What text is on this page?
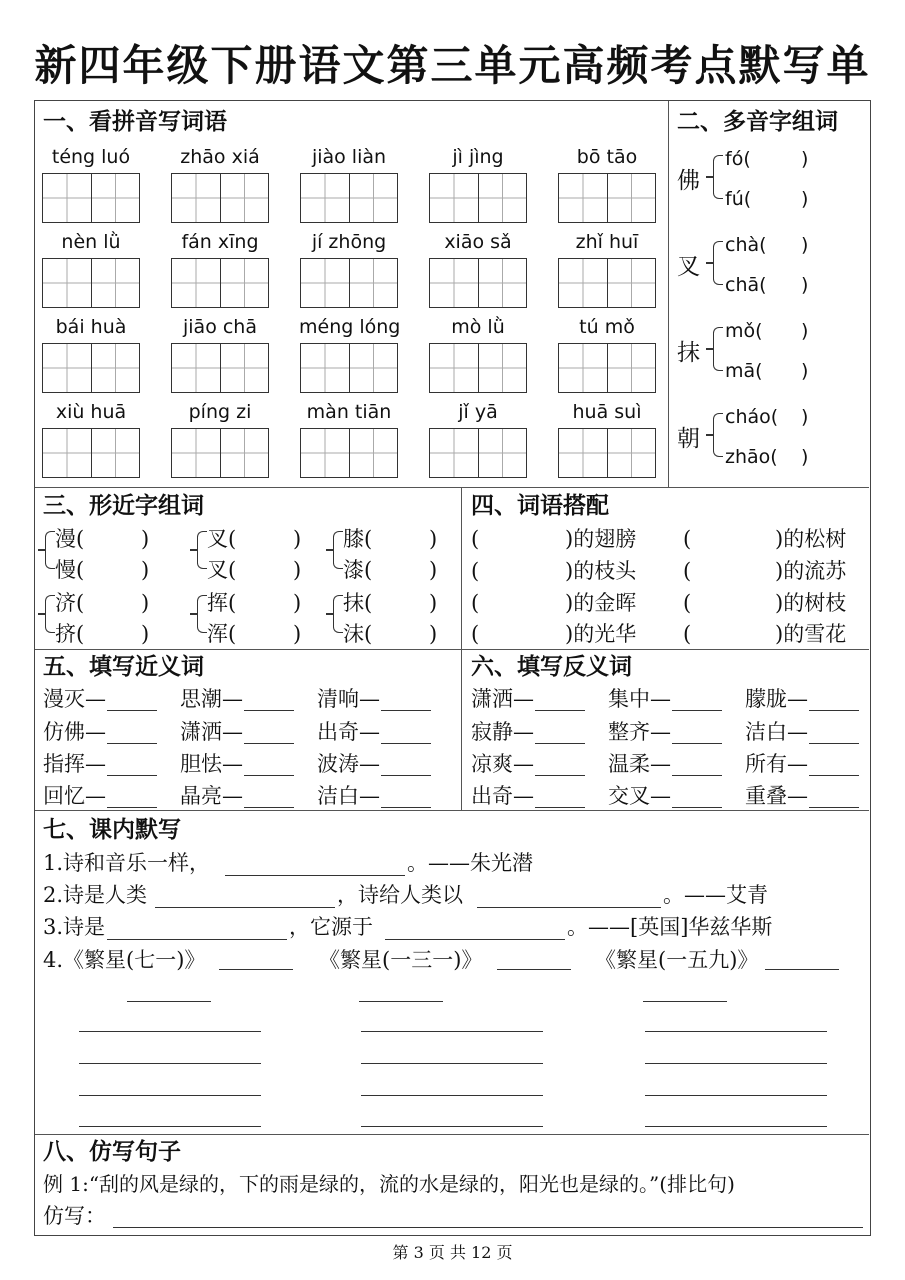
新四年级下册语文第三单元高频考点默写单
一、看拼音写词语
téng luó	zhāo xiá	jiào liàn	jì jìng	bō tāo
nèn lǜ	fán xīng	jí zhōng	xiāo sǎ	zhǐ huī
bái huà	jiāo chā	méng lóng	mò lǜ	tú mǒ
xiù huā	píng zi	màn tiān	jǐ yā	huā suì
二、多音字组词
佛
fó(	)
fú(	)
叉
chà( )
chā( )
抹
mǒ( )
mā( )
朝
cháo( )
zhāo( )
三、形近字组词
漫(	)
慢(	)
叉(	)
叉(	)
膝(	)
漆(	)
济(	)
挤(	)
挥(	)
浑(	)
抹(	)
沫(	)
四、词语搭配
(	)的翅膀 (	)的松树
(	)的枝头 (	)的流苏
(	)的金晖 (	)的树枝
(	)的光华 (	)的雪花
五、填写近义词
漫灭—	思潮—	清响—
仿佛—	潇洒—	出奇—
指挥—	胆怯—	波涛—
回忆—	晶亮—	洁白—
六、填写反义词
潇洒—	集中—	朦胧—
寂静—	整齐—	洁白—
凉爽—	温柔—	所有—
出奇—	交叉—	重叠—
七、课内默写
1.诗和音乐一样，	。——朱光潜
2.诗是人类	，诗给人类以	。——艾青
3.诗是	，它源于	。——[英国]华兹华斯
4.《繁星(七一)》	《繁星(一三一)》	《繁星(一五九)》
八、仿写句子
例 1:“刮的风是绿的，下的雨是绿的，流的水是绿的，阳光也是绿的。”(排比句)
仿写：
第 3 页 共 12 页
